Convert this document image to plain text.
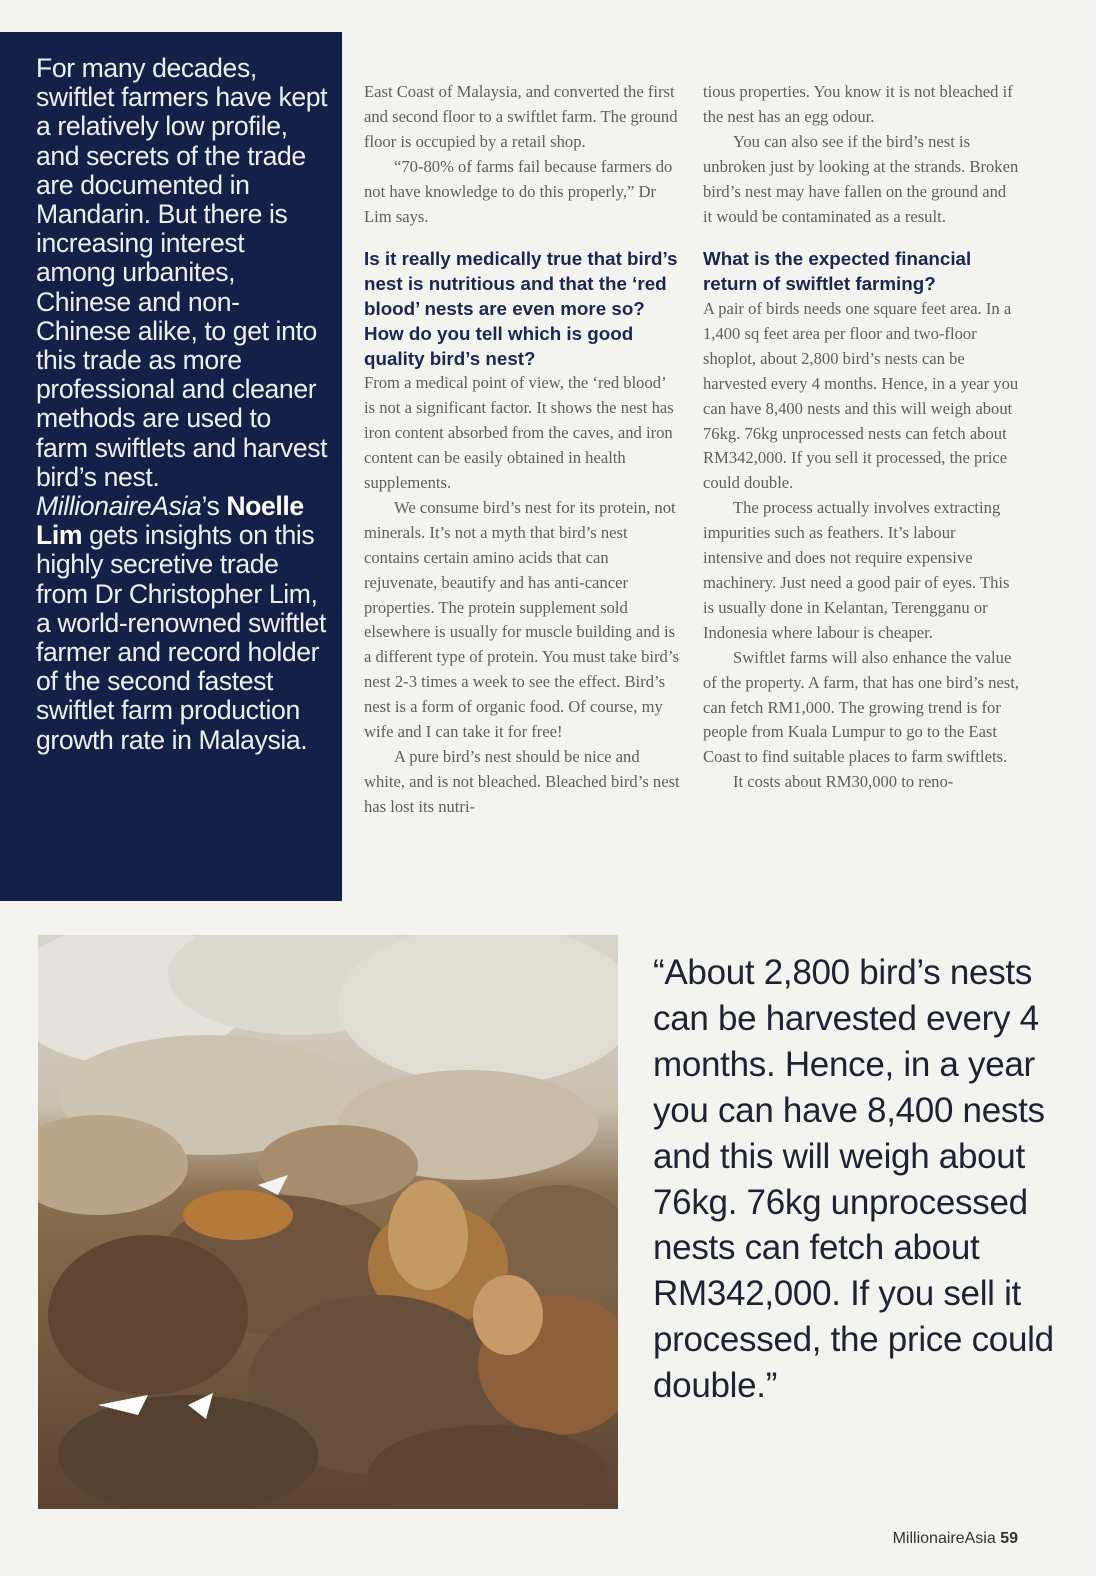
For many decades, swiftlet farmers have kept a relatively low profile, and secrets of the trade are documented in Mandarin. But there is increasing interest among urbanites, Chinese and non-Chinese alike, to get into this trade as more professional and cleaner methods are used to farm swiftlets and harvest bird’s nest. MillionaireAsia’s Noelle Lim gets insights on this highly secretive trade from Dr Christopher Lim, a world-renowned swiftlet farmer and record holder of the second fastest swiftlet farm production growth rate in Malaysia.

East Coast of Malaysia, and converted the first and second floor to a swiftlet farm. The ground floor is occupied by a retail shop.

“70-80% of farms fail because farmers do not have knowledge to do this properly,” Dr Lim says.

Is it really medically true that bird’s nest is nutritious and that the ‘red blood’ nests are even more so? How do you tell which is good quality bird’s nest?

From a medical point of view, the ‘red blood’ is not a significant factor. It shows the nest has iron content absorbed from the caves, and iron content can be easily obtained in health supplements.

We consume bird’s nest for its protein, not minerals. It’s not a myth that bird’s nest contains certain amino acids that can rejuvenate, beautify and has anti-cancer properties. The protein supplement sold elsewhere is usually for muscle building and is a different type of protein. You must take bird’s nest 2-3 times a week to see the effect. Bird’s nest is a form of organic food. Of course, my wife and I can take it for free!

A pure bird’s nest should be nice and white, and is not bleached. Bleached bird’s nest has lost its nutri-

tious properties. You know it is not bleached if the nest has an egg odour.

You can also see if the bird’s nest is unbroken just by looking at the strands. Broken bird’s nest may have fallen on the ground and it would be contaminated as a result.

What is the expected financial return of swiftlet farming?

A pair of birds needs one square feet area. In a 1,400 sq feet area per floor and two-floor shoplot, about 2,800 bird’s nests can be harvested every 4 months. Hence, in a year you can have 8,400 nests and this will weigh about 76kg. 76kg unprocessed nests can fetch about RM342,000. If you sell it processed, the price could double.

The process actually involves extracting impurities such as feathers. It’s labour intensive and does not require expensive machinery. Just need a good pair of eyes. This is usually done in Kelantan, Terengganu or Indonesia where labour is cheaper.

Swiftlet farms will also enhance the value of the property. A farm, that has one bird’s nest, can fetch RM1,000. The growing trend is for people from Kuala Lumpur to go to the East Coast to find suitable places to farm swiftlets.

It costs about RM30,000 to reno-

“About 2,800 bird’s nests can be harvested every 4 months. Hence, in a year you can have 8,400 nests and this will weigh about 76kg. 76kg unprocessed nests can fetch about RM342,000. If you sell it processed, the price could double.”

MillionaireAsia 59
